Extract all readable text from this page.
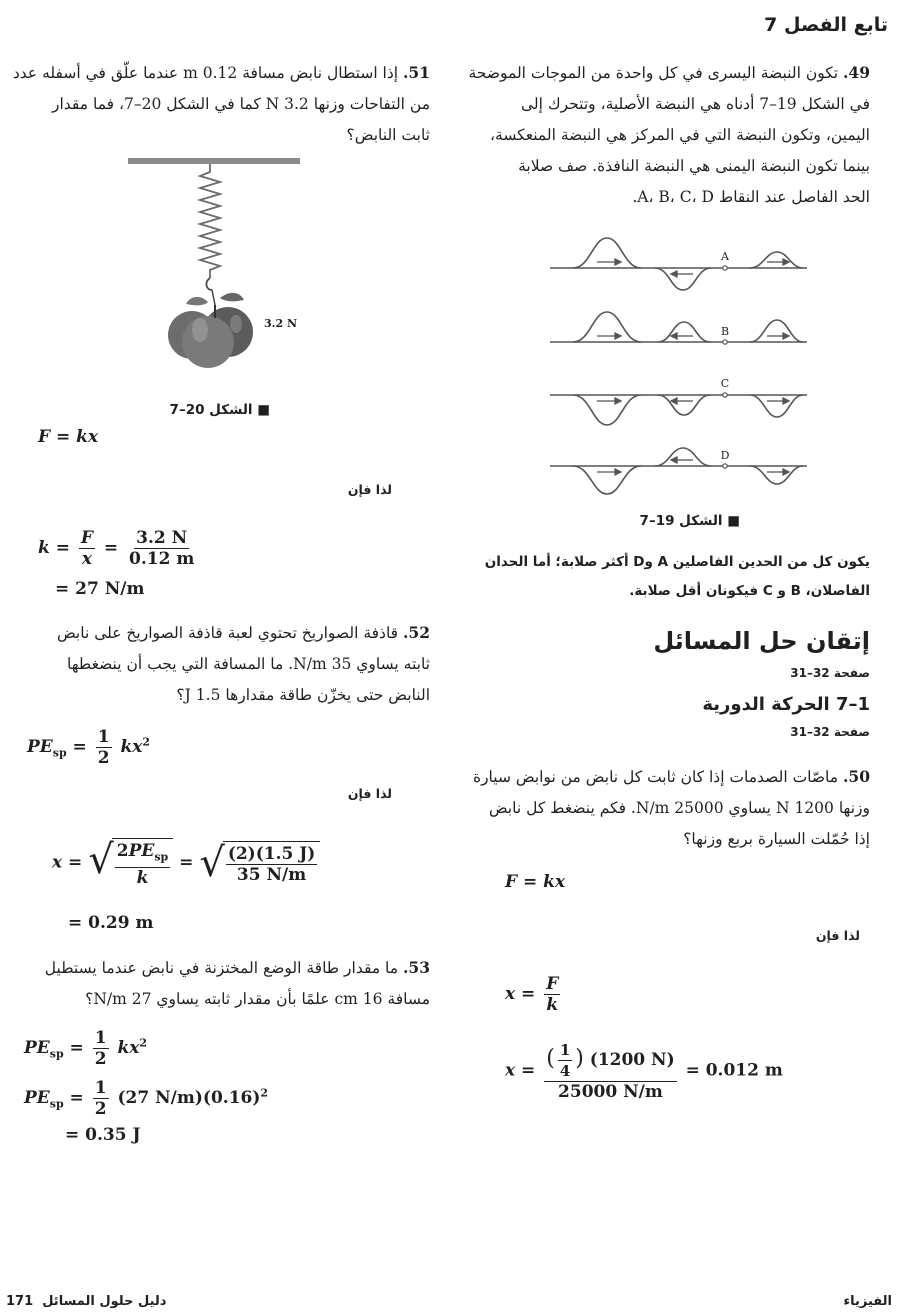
تابع الفصل 7
49. تكون النبضة اليسرى في كل واحدة من الموجات الموضحة
في الشكل 19–7 أدناه هي النبضة الأصلية، وتتحرك إلى
اليمين، وتكون النبضة التي في المركز هي النبضة المنعكسة،
بينما تكون النبضة اليمنى هي النبضة النافذة. صف صلابة
الحد الفاصل عند النقاط A، B، C، D.
A
B
C
D
■ الشكل 19–7
يكون كل من الحدين الفاصلين A وD أكثر صلابة؛ أما الحدان
الفاصلان، B و C فيكونان أقل صلابة.
إتقان حل المسائل
صفحة 32–31
1–7 الحركة الدورية
صفحة 32–31
50. ماصّات الصدمات إذا كان ثابت كل نابض من نوابض سيارة
وزنها 1200 N يساوي 25000 N/m. فكم ينضغط كل نابض
إذا حُمّلت السيارة بربع وزنها؟
F = kx
لذا فإن
$x = \frac{F}{k}$
$x = \frac{( \frac{1}{4} ) (1200 N)}{25000 N/m} = 0.012$ m
51. إذا استطال نابض مسافة 0.12 m عندما علّق في أسفله عدد
من التفاحات وزنها 3.2 N كما في الشكل 20–7، فما مقدار
ثابت النابض؟
3.2 N
■ الشكل 20–7
F = kx
لذا فإن
$k = \frac{F}{x} = \frac{3.2 N}{0.12 m}$
= 27 N/m
52. قاذفة الصواريخ تحتوي لعبة قاذفة الصواريخ على نابض
ثابته يساوي 35 N/m. ما المسافة التي يجب أن ينضغطها
النابض حتى يخزّن طاقة مقدارها 1.5 J؟
$PE_{sp} = \frac{1}{2} kx^2$
لذا فإن
x = √ $\frac{2PE_{sp}}{k}$ = √ $\frac{(2)(1.5 J)}{35 N/m}$
= 0.29 m
53. ما مقدار طاقة الوضع المختزنة في نابض عندما يستطيل
مسافة 16 cm علمًا بأن مقدار ثابته يساوي 27 N/m؟
$PE_{sp} = \frac{1}{2} kx^2$
$PE_{sp} = \frac{1}{2} (27$ $N/m)(0.16)^2$
= 0.35 J
171 دليل حلول المسائل	الفيزياء
